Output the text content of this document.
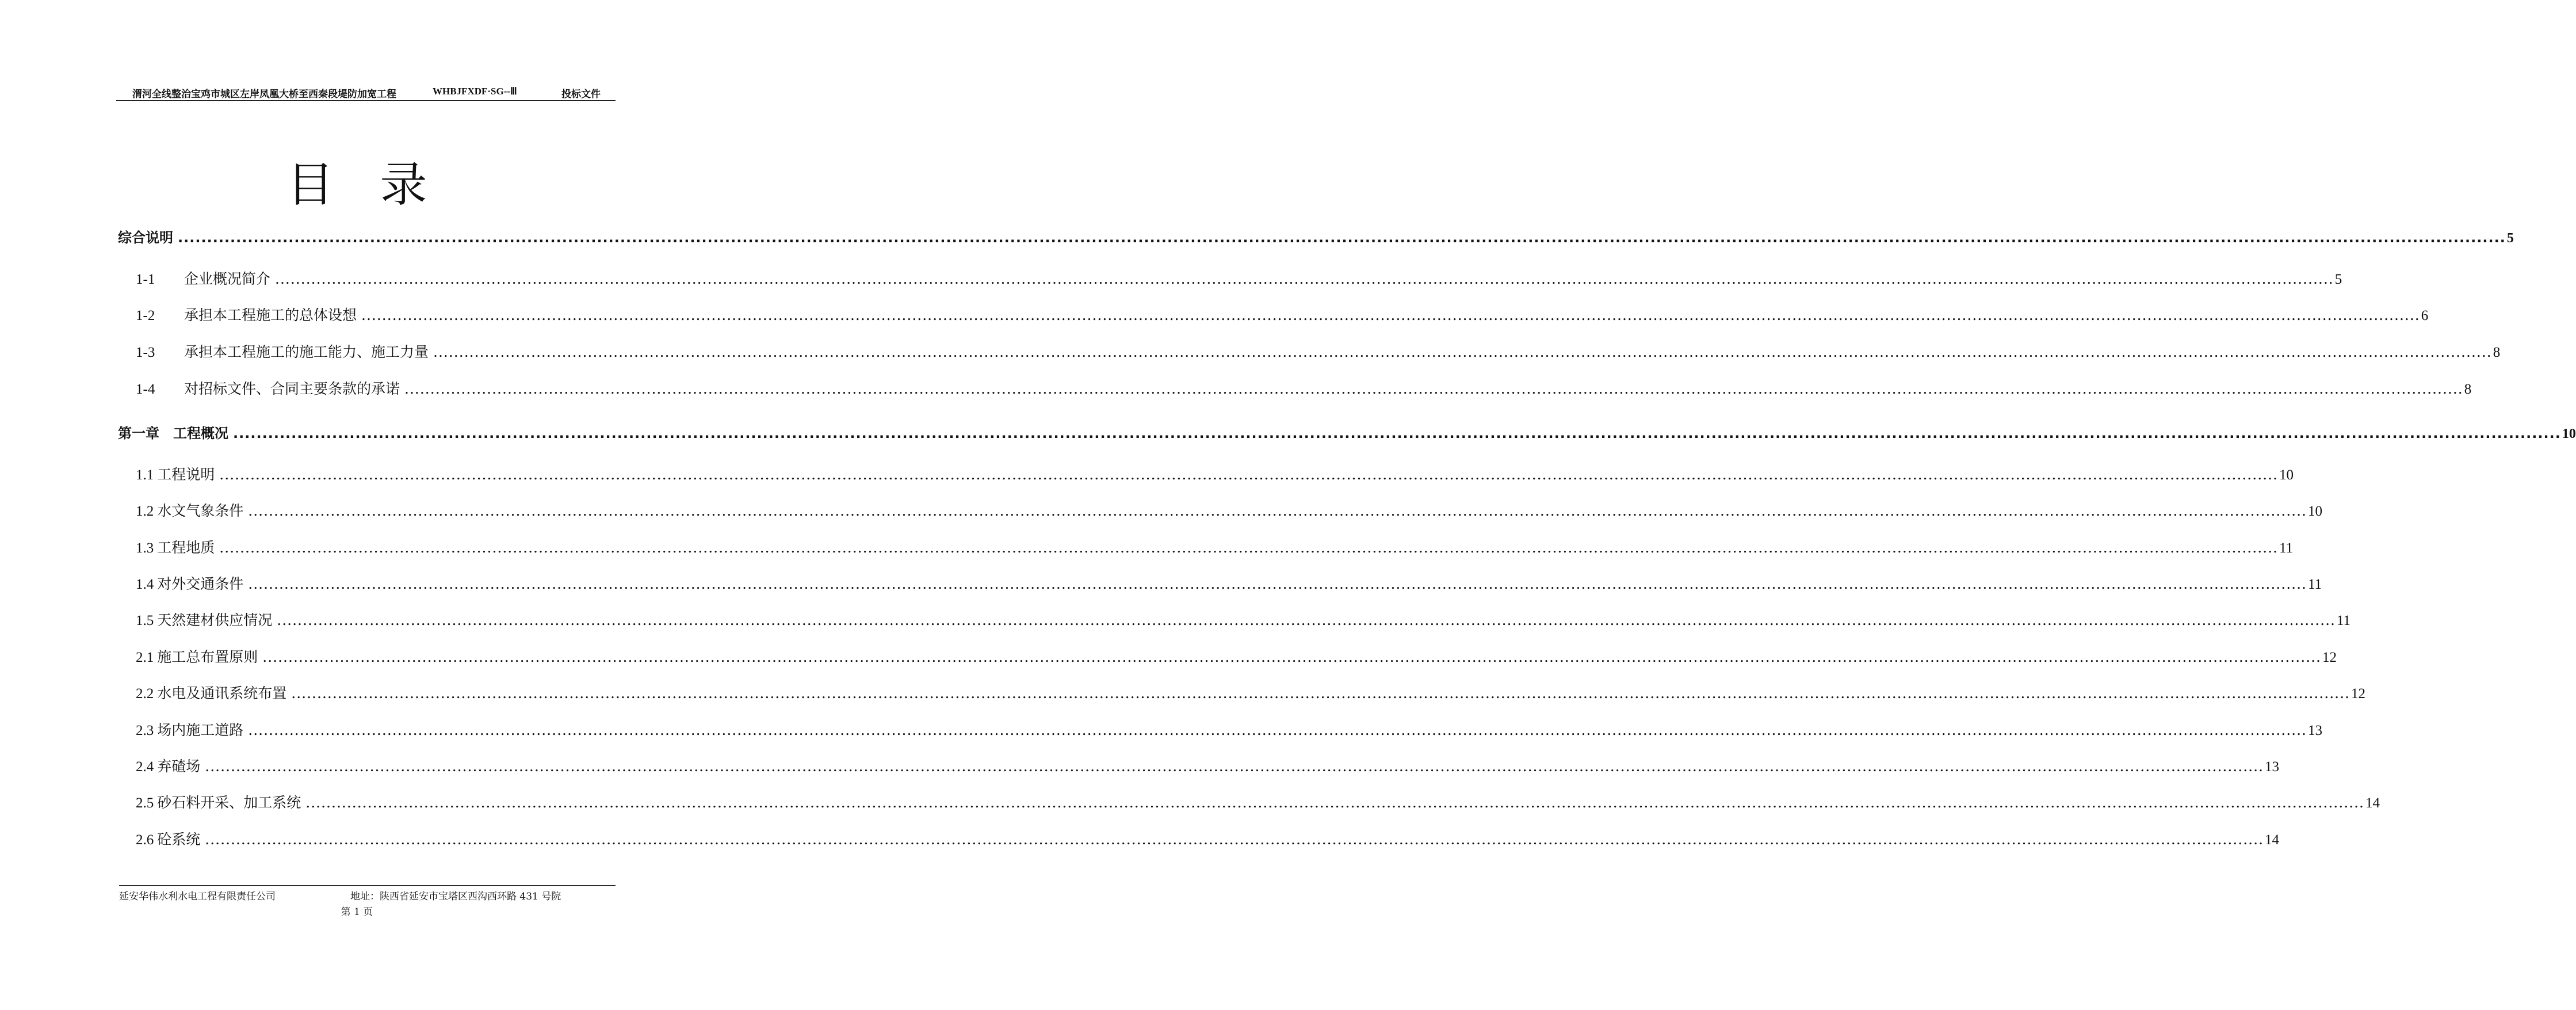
渭河全线整治宝鸡市城区左岸凤凰大桥至西秦段堤防加宽工程	WHBJFXDF·SG--Ⅲ	投标文件
目录
综合说明 ................................................................................................................................................................................................................................................................................................................................................................................................................ 5
1-1	企业概况简介 ................................................................................................................................................................................................................................................................................................................................................................................................................ 5
1-2	承担本工程施工的总体设想 ................................................................................................................................................................................................................................................................................................................................................................................................................ 6
1-3	承担本工程施工的施工能力、施工力量 ................................................................................................................................................................................................................................................................................................................................................................................................................ 8
1-4	对招标文件、合同主要条款的承诺 ................................................................................................................................................................................................................................................................................................................................................................................................................ 8
第一章　工程概况 ................................................................................................................................................................................................................................................................................................................................................................................................................ 10
1.1 工程说明 ................................................................................................................................................................................................................................................................................................................................................................................................................ 10
1.2 水文气象条件 ................................................................................................................................................................................................................................................................................................................................................................................................................ 10
1.3 工程地质 ................................................................................................................................................................................................................................................................................................................................................................................................................ 11
1.4 对外交通条件 ................................................................................................................................................................................................................................................................................................................................................................................................................ 11
1.5 天然建材供应情况 ................................................................................................................................................................................................................................................................................................................................................................................................................ 11
2.1 施工总布置原则 ................................................................................................................................................................................................................................................................................................................................................................................................................ 12
2.2 水电及通讯系统布置 ................................................................................................................................................................................................................................................................................................................................................................................................................ 12
2.3 场内施工道路 ................................................................................................................................................................................................................................................................................................................................................................................................................ 13
2.4 弃碴场 ................................................................................................................................................................................................................................................................................................................................................................................................................ 13
2.5 砂石料开采、加工系统 ................................................................................................................................................................................................................................................................................................................................................................................................................ 14
2.6 砼系统 ................................................................................................................................................................................................................................................................................................................................................................................................................ 14
延安华伟水利水电工程有限责任公司	地址：陕西省延安市宝塔区西沟西环路 431 号院
第 1 页
